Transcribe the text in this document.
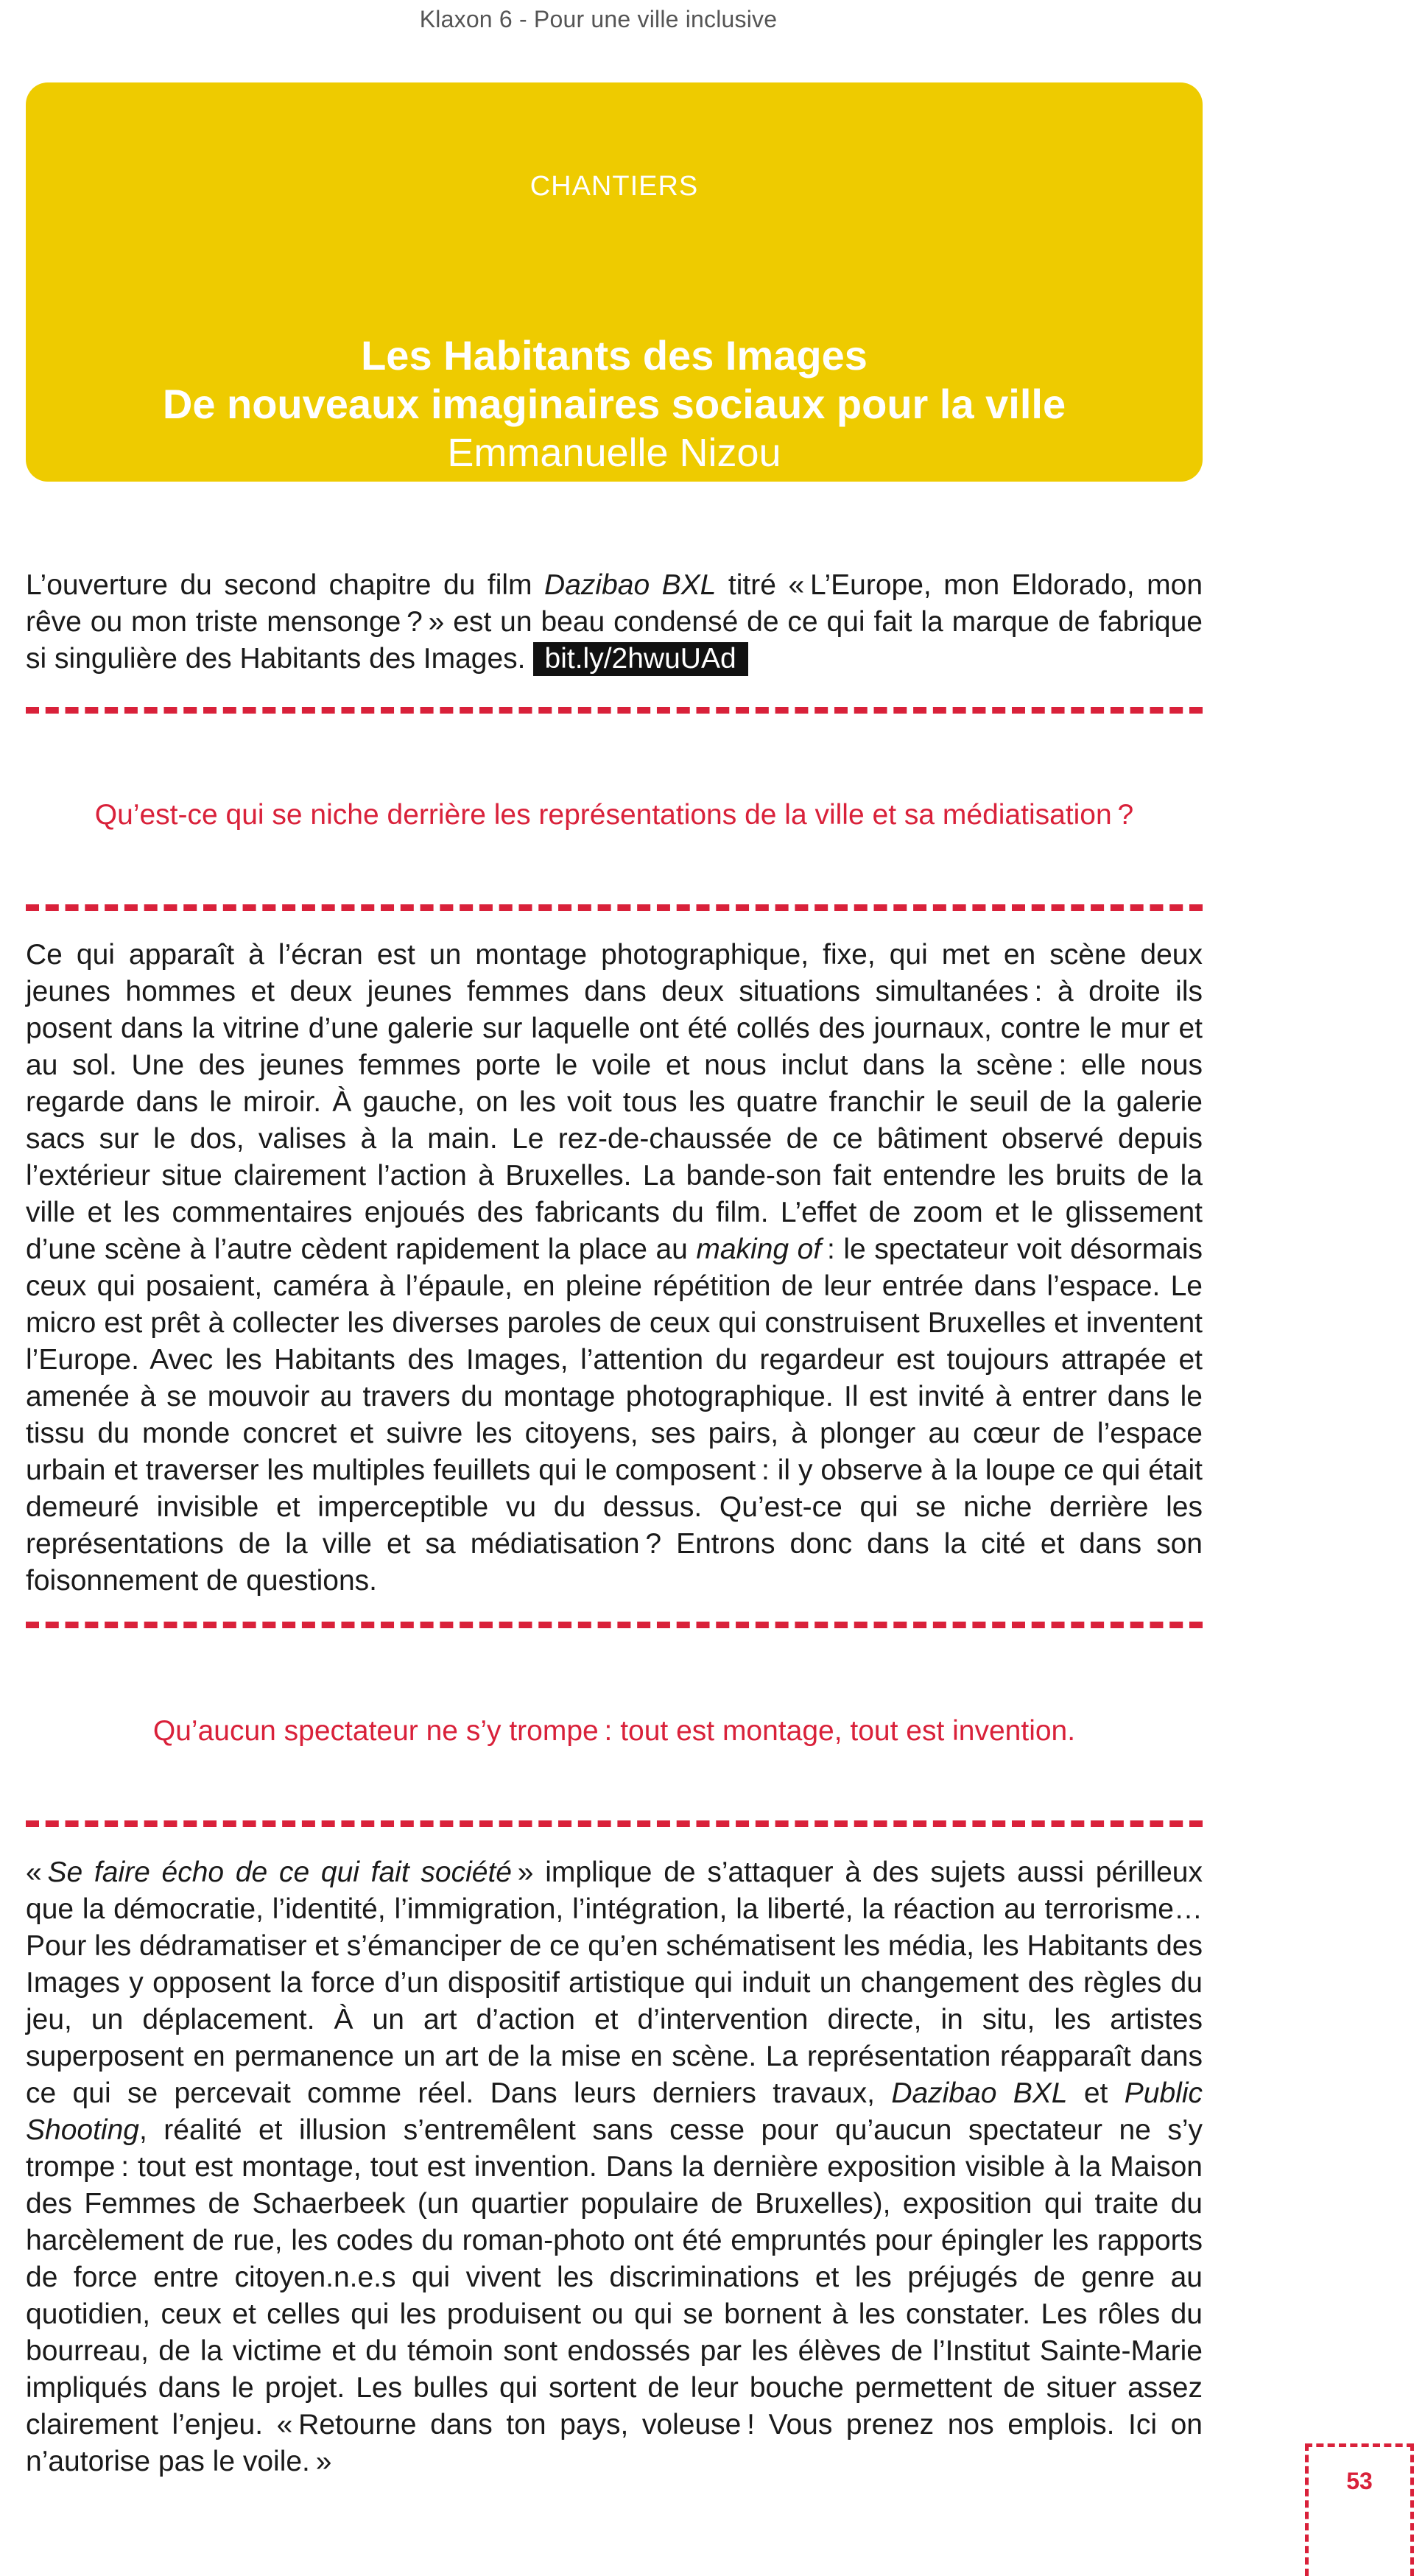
Klaxon 6 - Pour une ville inclusive
CHANTIERS
Les Habitants des Images
De nouveaux imaginaires sociaux pour la ville
Emmanuelle Nizou

L’ouverture du second chapitre du film Dazibao BXL titré « L’Europe, mon Eldorado, mon rêve ou mon triste mensonge ? » est un beau condensé de ce qui fait la marque de fabrique si singulière des Habitants des Images. bit.ly/2hwuUAd

Qu’est-ce qui se niche derrière les représentations de la ville et sa médiatisation ?

Ce qui apparaît à l’écran est un montage photographique, fixe, qui met en scène deux jeunes hommes et deux jeunes femmes dans deux situations simultanées : à droite ils posent dans la vitrine d’une galerie sur laquelle ont été collés des journaux, contre le mur et au sol. Une des jeunes femmes porte le voile et nous inclut dans la scène : elle nous regarde dans le miroir. À gauche, on les voit tous les quatre franchir le seuil de la galerie sacs sur le dos, valises à la main. Le rez-de-chaussée de ce bâtiment observé depuis l’extérieur situe clairement l’action à Bruxelles. La bande-son fait entendre les bruits de la ville et les commentaires enjoués des fabricants du film. L’effet de zoom et le glissement d’une scène à l’autre cèdent rapidement la place au making of : le spectateur voit désormais ceux qui posaient, caméra à l’épaule, en pleine répétition de leur entrée dans l’espace. Le micro est prêt à collecter les diverses paroles de ceux qui construisent Bruxelles et inventent l’Europe. Avec les Habitants des Images, l’attention du regardeur est toujours attrapée et amenée à se mouvoir au travers du montage photographique. Il est invité à entrer dans le tissu du monde concret et suivre les citoyens, ses pairs, à plonger au cœur de l’espace urbain et traverser les multiples feuillets qui le composent : il y observe à la loupe ce qui était demeuré invisible et imperceptible vu du dessus. Qu’est-ce qui se niche derrière les représentations de la ville et sa médiatisation ? Entrons donc dans la cité et dans son foisonnement de questions.

Qu’aucun spectateur ne s’y trompe : tout est montage, tout est invention.

« Se faire écho de ce qui fait société » implique de s’attaquer à des sujets aussi périlleux que la démocratie, l’identité, l’immigration, l’intégration, la liberté, la réaction au terrorisme… Pour les dédramatiser et s’émanciper de ce qu’en schématisent les média, les Habitants des Images y opposent la force d’un dispositif artistique qui induit un changement des règles du jeu, un déplacement. À un art d’action et d’intervention directe, in situ, les artistes superposent en permanence un art de la mise en scène. La représentation réapparaît dans ce qui se percevait comme réel. Dans leurs derniers travaux, Dazibao BXL et Public Shooting, réalité et illusion s’entremêlent sans cesse pour qu’aucun spectateur ne s’y trompe : tout est montage, tout est invention. Dans la dernière exposition visible à la Maison des Femmes de Schaerbeek (un quartier populaire de Bruxelles), exposition qui traite du harcèlement de rue, les codes du roman-photo ont été empruntés pour épingler les rapports de force entre citoyen.n.e.s qui vivent les discriminations et les préjugés de genre au quotidien, ceux et celles qui les produisent ou qui se bornent à les constater. Les rôles du bourreau, de la victime et du témoin sont endossés par les élèves de l’Institut Sainte-Marie impliqués dans le projet. Les bulles qui sortent de leur bouche permettent de situer assez clairement l’enjeu. « Retourne dans ton pays, voleuse ! Vous prenez nos emplois. Ici on n’autorise pas le voile. »

53
